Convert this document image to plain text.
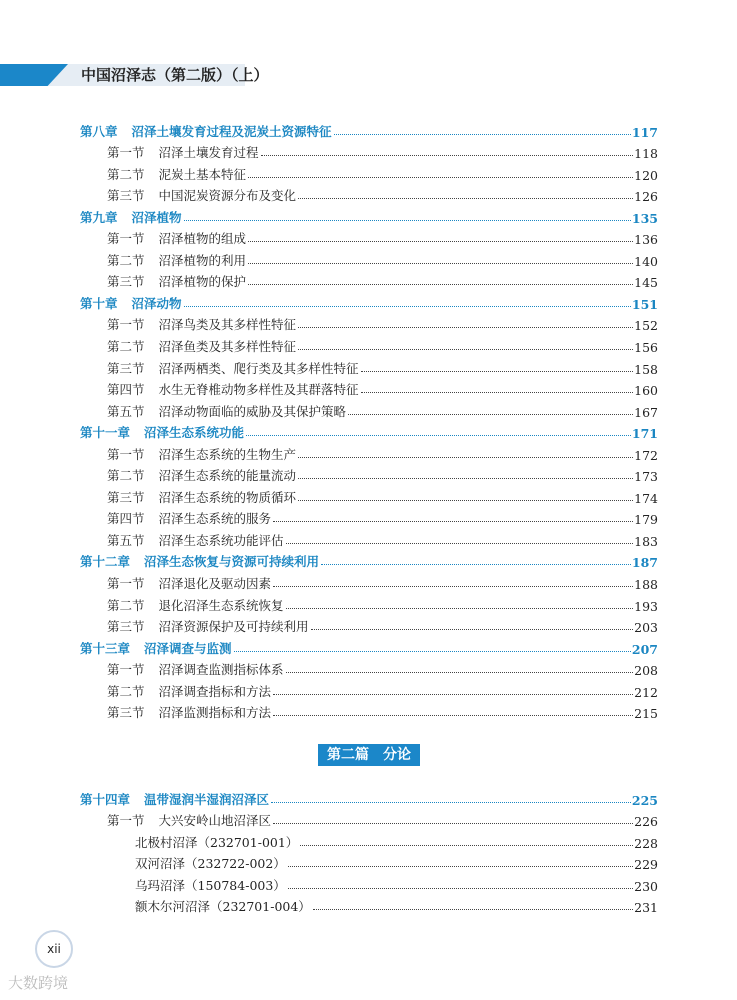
中国沼泽志（第二版）（上）
第八章 沼泽土壤发育过程及泥炭土资源特征	117
第一节 沼泽土壤发育过程	118
第二节 泥炭土基本特征	120
第三节 中国泥炭资源分布及变化	126
第九章 沼泽植物	135
第一节 沼泽植物的组成	136
第二节 沼泽植物的利用	140
第三节 沼泽植物的保护	145
第十章 沼泽动物	151
第一节 沼泽鸟类及其多样性特征	152
第二节 沼泽鱼类及其多样性特征	156
第三节 沼泽两栖类、爬行类及其多样性特征	158
第四节 水生无脊椎动物多样性及其群落特征	160
第五节 沼泽动物面临的威胁及其保护策略	167
第十一章 沼泽生态系统功能	171
第一节 沼泽生态系统的生物生产	172
第二节 沼泽生态系统的能量流动	173
第三节 沼泽生态系统的物质循环	174
第四节 沼泽生态系统的服务	179
第五节 沼泽生态系统功能评估	183
第十二章 沼泽生态恢复与资源可持续利用	187
第一节 沼泽退化及驱动因素	188
第二节 退化沼泽生态系统恢复	193
第三节 沼泽资源保护及可持续利用	203
第十三章 沼泽调查与监测	207
第一节 沼泽调查监测指标体系	208
第二节 沼泽调查指标和方法	212
第三节 沼泽监测指标和方法	215
第二篇　分论
第十四章 温带湿润半湿润沼泽区	225
第一节 大兴安岭山地沼泽区	226
北极村沼泽（232701-001）	228
双河沼泽（232722-002）	229
乌玛沼泽（150784-003）	230
额木尔河沼泽（232701-004）	231
xii
大数跨境
